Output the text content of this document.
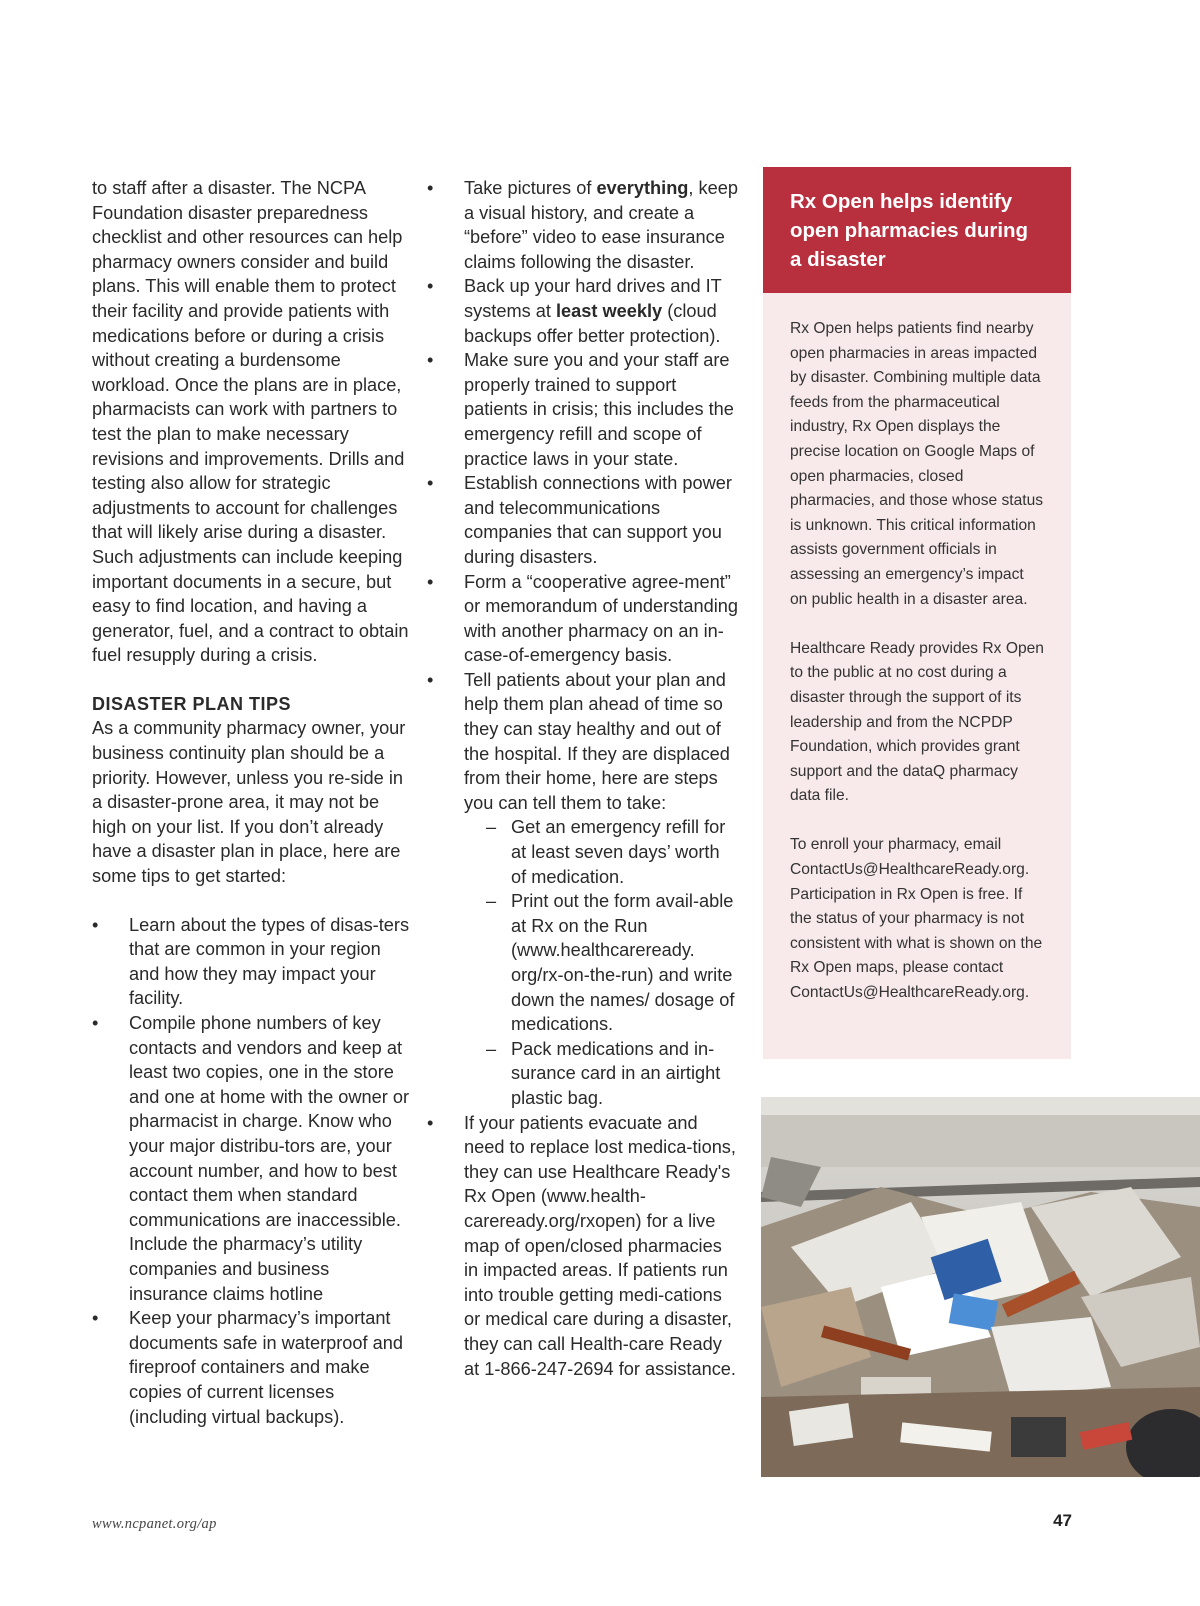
to staff after a disaster. The NCPA Foundation disaster preparedness checklist and other resources can help pharmacy owners consider and build plans. This will enable them to protect their facility and provide patients with medications before or during a crisis without creating a burdensome workload. Once the plans are in place, pharmacists can work with partners to test the plan to make necessary revisions and improvements. Drills and testing also allow for strategic adjustments to account for challenges that will likely arise during a disaster. Such adjustments can include keeping important documents in a secure, but easy to find location, and having a generator, fuel, and a contract to obtain fuel resupply during a crisis.

DISASTER PLAN TIPS

As a community pharmacy owner, your business continuity plan should be a priority. However, unless you re-side in a disaster-prone area, it may not be high on your list. If you don’t already have a disaster plan in place, here are some tips to get started:

• Learn about the types of disas-ters that are common in your region and how they may impact your facility.
• Compile phone numbers of key contacts and vendors and keep at least two copies, one in the store and one at home with the owner or pharmacist in charge. Know who your major distribu-tors are, your account number, and how to best contact them when standard communications are inaccessible. Include the pharmacy’s utility companies and business insurance claims hotline
• Keep your pharmacy’s important documents safe in waterproof and fireproof containers and make copies of current licenses (including virtual backups).
• Take pictures of everything, keep a visual history, and create a “before” video to ease insurance claims following the disaster.
• Back up your hard drives and IT systems at least weekly (cloud backups offer better protection).
• Make sure you and your staff are properly trained to support patients in crisis; this includes the emergency refill and scope of practice laws in your state.
• Establish connections with power and telecommunications companies that can support you during disasters.
• Form a “cooperative agree-ment” or memorandum of understanding with another pharmacy on an in-case-of-emergency basis.
• Tell patients about your plan and help them plan ahead of time so they can stay healthy and out of the hospital. If they are displaced from their home, here are steps you can tell them to take:
– Get an emergency refill for at least seven days’ worth of medication.
– Print out the form avail-able at Rx on the Run (www.healthcareready. org/rx-on-the-run) and write down the names/ dosage of medications.
– Pack medications and in-surance card in an airtight plastic bag.
• If your patients evacuate and need to replace lost medica-tions, they can use Healthcare Ready's Rx Open (www.health-careready.org/rxopen) for a live map of open/closed pharmacies in impacted areas. If patients run into trouble getting medi-cations or medical care during a disaster, they can call Health-care Ready at 1-866-247-2694 for assistance.
Rx Open helps identify open pharmacies during a disaster

Rx Open helps patients find nearby open pharmacies in areas impacted by disaster. Combining multiple data feeds from the pharmaceutical industry, Rx Open displays the precise location on Google Maps of open pharmacies, closed pharmacies, and those whose status is unknown. This critical information assists government officials in assessing an emergency’s impact on public health in a disaster area.

Healthcare Ready provides Rx Open to the public at no cost during a disaster through the support of its leadership and from the NCPDP Foundation, which provides grant support and the dataQ pharmacy data file.

To enroll your pharmacy, email ContactUs@HealthcareReady.org. Participation in Rx Open is free. If the status of your pharmacy is not consistent with what is shown on the Rx Open maps, please contact ContactUs@HealthcareReady.org.

www.ncpanet.org/ap	47
